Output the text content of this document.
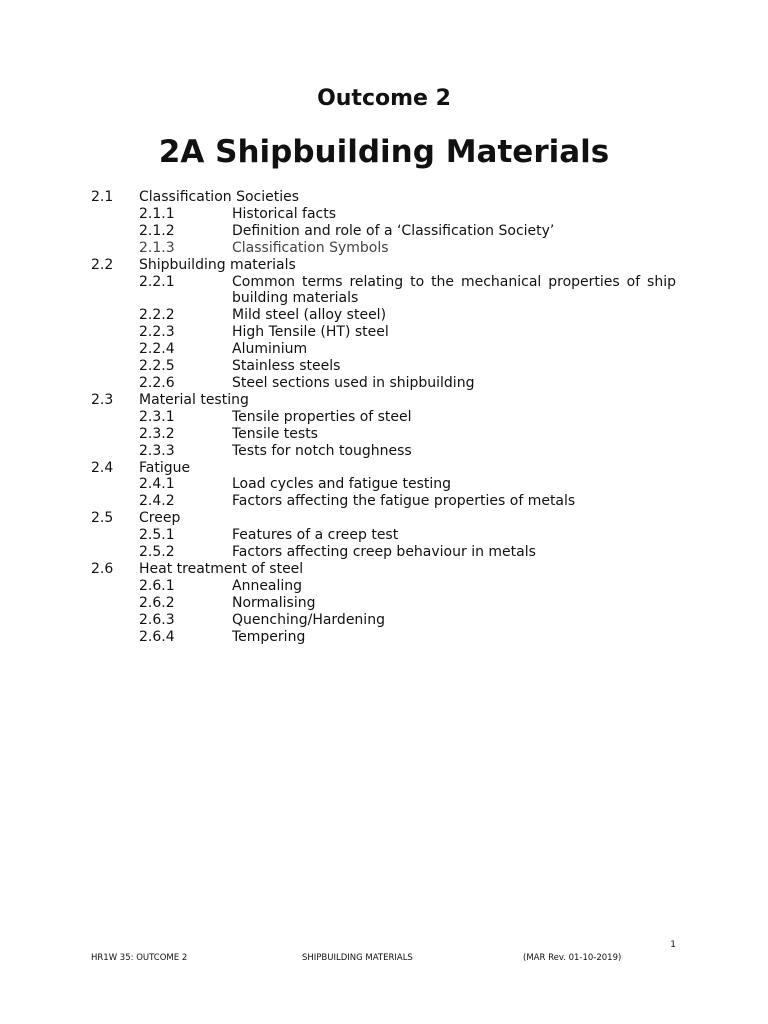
Outcome 2
2A Shipbuilding Materials
2.1 Classification Societies
2.1.1	Historical facts
2.1.2	Definition and role of a ‘Classification Society’
2.1.3	Classification Symbols
2.2 Shipbuilding materials
2.2.1	Common terms relating to the mechanical properties of ship building materials
2.2.2	Mild steel (alloy steel)
2.2.3	High Tensile (HT) steel
2.2.4	Aluminium
2.2.5	Stainless steels
2.2.6	Steel sections used in shipbuilding
2.3 Material testing
2.3.1	Tensile properties of steel
2.3.2	Tensile tests
2.3.3	Tests for notch toughness
2.4 Fatigue
2.4.1	Load cycles and fatigue testing
2.4.2	Factors affecting the fatigue properties of metals
2.5 Creep
2.5.1	Features of a creep test
2.5.2	Factors affecting creep behaviour in metals
2.6 Heat treatment of steel
2.6.1	Annealing
2.6.2	Normalising
2.6.3	Quenching/Hardening
2.6.4	Tempering
1
HR1W 35: OUTCOME 2	SHIPBUILDING MATERIALS	(MAR Rev. 01-10-2019)
